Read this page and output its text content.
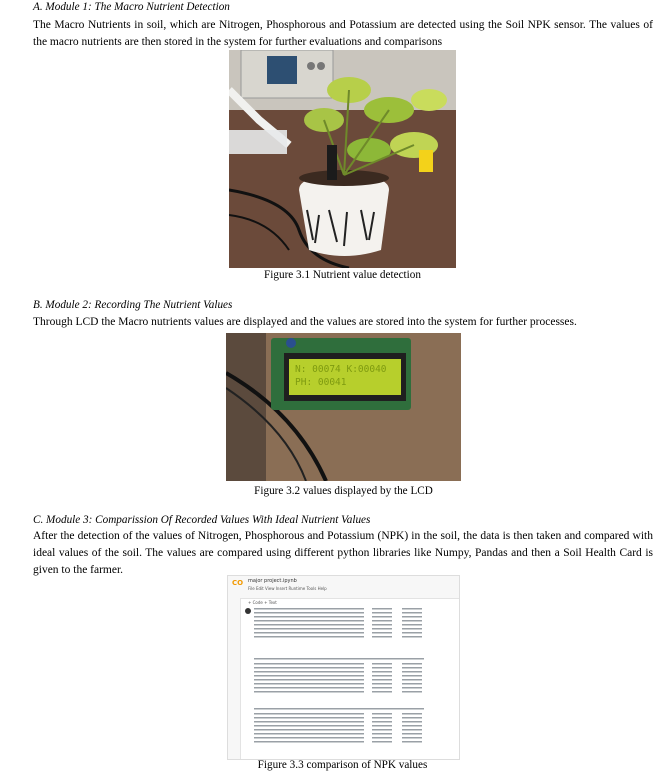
A. Module 1: The Macro Nutrient Detection
The Macro Nutrients in soil, which are Nitrogen, Phosphorous and Potassium are detected using the Soil NPK sensor. The values of the macro nutrients are then stored in the system for further evaluations and comparisons
Figure 3.1 Nutrient value detection
B. Module 2: Recording The Nutrient Values
Through LCD the Macro nutrients values are displayed and the values are stored into the system for further processes.
N: 00074 K:00040
PH: 00041
Figure 3.2 values displayed by the LCD
C. Module 3: Comparission Of Recorded Values With Ideal Nutrient Values
After the detection of the values of Nitrogen, Phosphorous and Potassium (NPK) in the soil, the data is then taken and compared with ideal values of the soil. The values are compared using different python libraries like Numpy, Pandas and then a Soil Health Card is given to the farmer.
CO major project.ipynb
File Edit View Insert Runtime Tools Help
+ Code + Text
Figure 3.3 comparison of NPK values
